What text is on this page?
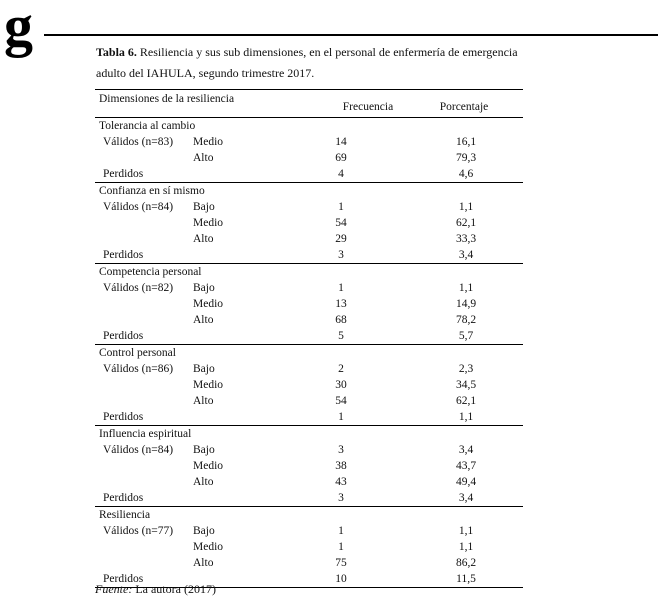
g	Tabla 6. Resiliencia y sus sub dimensiones, en el personal de enfermería de emergencia
adulto del IAHULA, segundo trimestre 2017.
Dimensiones de la resiliencia
Frecuencia	Porcentaje
Tolerancia al cambio
Válidos (n=83) Medio	14	16,1
Alto	69	79,3
Perdidos	4	4,6
Confianza en sí mismo
Válidos (n=84) Bajo	1	1,1
Medio	54	62,1
Alto	29	33,3
Perdidos	3	3,4
Competencia personal
Válidos (n=82) Bajo	1	1,1
Medio	13	14,9
Alto	68	78,2
Perdidos	5	5,7
Control personal
Válidos (n=86) Bajo	2	2,3
Medio	30	34,5
Alto	54	62,1
Perdidos	1	1,1
Influencia espiritual
Válidos (n=84) Bajo	3	3,4
Medio	38	43,7
Alto	43	49,4
Perdidos	3	3,4
Resiliencia
Válidos (n=77) Bajo	1	1,1
Medio	1	1,1
Alto	75	86,2
Perdidos	10	11,5
Fuente: La autora (2017)
